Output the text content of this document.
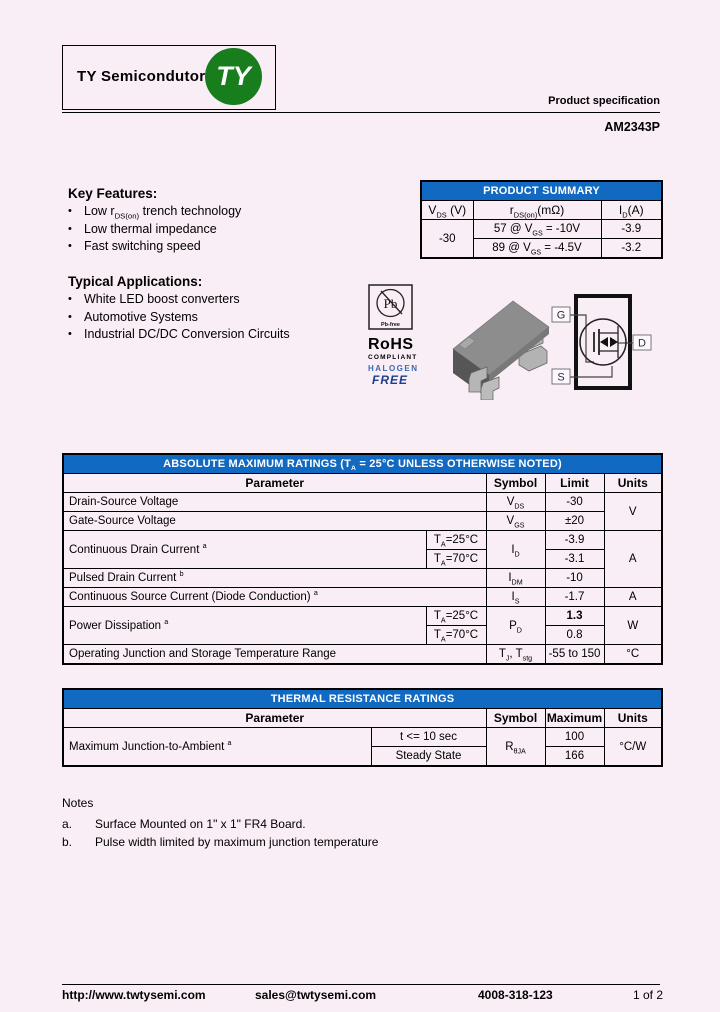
TY Semicondutor TY
Product specification
AM2343P
Key Features:
• Low $r_{DS(on)}$ trench technology
• Low thermal impedance
• Fast switching speed
Typical Applications:
• White LED boost converters
• Automotive Systems
• Industrial DC/DC Conversion Circuits
PRODUCT SUMMARY		
$V_{DS}$ (V)	$r_{DS(on)}(m\Omega)$	$I_D(A)$
-30	57 @ $V_{GS} = -10V$	-3.9
	89 @ $V_{GS} = -4.5V$	-3.2
Pb
Pb-free
RoHS
COMPLIANT
HALOGEN
FREE
G
S
D
ABSOLUTE MAXIMUM RATINGS ($T_A = 25^\circ C$ UNLESS OTHERWISE NOTED)				
Parameter		Symbol	Limit	Units
Drain-Source Voltage		$V_{DS}$	-30	V
Gate-Source Voltage		$V_{GS}$	±20	
Continuous Drain Current $^a$	$T_A=25^\circ C$	$I_D$	-3.9	A
	$T_A=70^\circ C$		-3.1	
Pulsed Drain Current $^b$		$I_{DM}$	-10	
Continuous Source Current (Diode Conduction) $^a$		$I_S$	-1.7	A
Power Dissipation $^a$	$T_A=25^\circ C$	$P_D$	1.3	W
	$T_A=70^\circ C$		0.8	
Operating Junction and Storage Temperature Range		$T_J$, $T_{stg}$	-55 to 150	°C
THERMAL RESISTANCE RATINGS				
Parameter		Symbol	Maximum	Units
Maximum Junction-to-Ambient $^a$	t <= 10 sec	$R_{\theta JA}$	100	°C/W
	Steady State		166	
Notes
a.	Surface Mounted on 1" x 1" FR4 Board.
b.	Pulse width limited by maximum junction temperature
http://www.twtysemi.com	sales@twtysemi.com	4008-318-123	1 of 2
